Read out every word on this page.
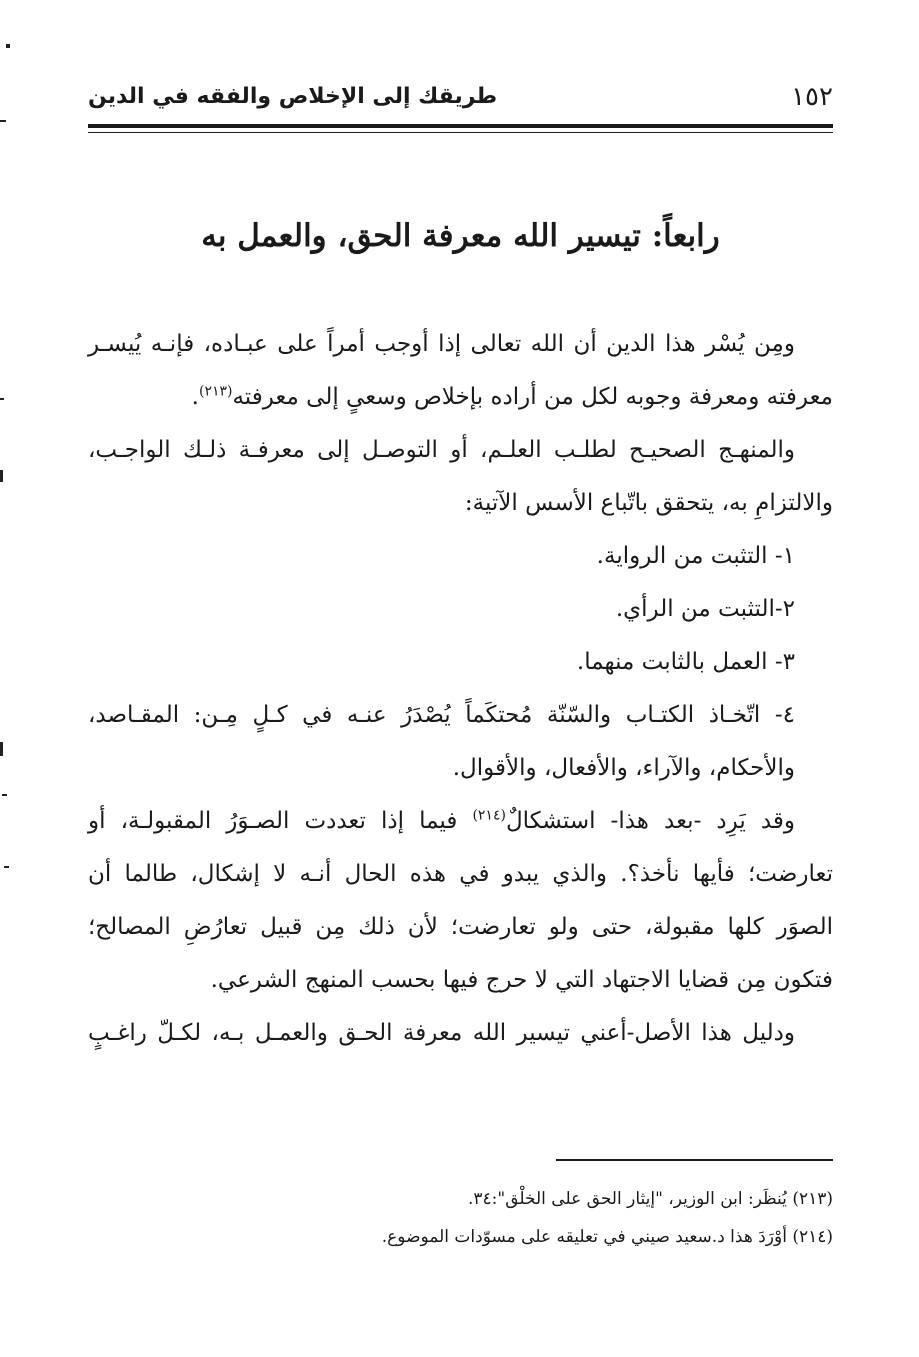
١٥٢
طريقك إلى الإخلاص والفقه في الدين
رابعاً: تيسير الله معرفة الحق، والعمل به
ومِن يُسْر هذا الدين أن الله تعالى إذا أوجب أمراً على عبـاده، فإنـه يُيسـر
معرفته ومعرفة وجوبه لكل من أراده بإخلاص وسعىٍ إلى معرفته$^{(٢١٣)}$.
والمنهـج الصحيـح لطلـب العلـم، أو التوصـل إلى معرفـة ذلـك الواجـب،
والالتزامِ به، يتحقق باتّباع الأسس الآتية:
١- التثبت من الرواية.
٢-التثبت من الرأي.
٣- العمل بالثابت منهما.
٤- اتّخـاذ الكتـاب والسّنّة مُحتكَماً يُصْدَرُ عنـه في كـلٍ مِـن: المقـاصد،
والأحكام، والآراء، والأفعال، والأقوال.
وقد يَرِد -بعد هذا- استشكالٌ$^{(٢١٤)}$ فيما إذا تعددت الصـوَرُ المقبولـة، أو
تعارضت؛ فأيها نأخذ؟. والذي يبدو في هذه الحال أنـه لا إشكال، طالما أن
الصوَر كلها مقبولة، حتى ولو تعارضت؛ لأن ذلك مِن قبيل تعارُضِ المصالح؛
فتكون مِن قضايا الاجتهاد التي لا حرج فيها بحسب المنهج الشرعي.
ودليل هذا الأصل-أعني تيسير الله معرفة الحـق والعمـل بـه، لكـلّ راغـبٍ
(٢١٣) يُنظَر: ابن الوزير، "إيثار الحق على الخلْق":٣٤.
(٢١٤) أوْرَدَ هذا د.سعيد صيني في تعليقه على مسوّدات الموضوع.
